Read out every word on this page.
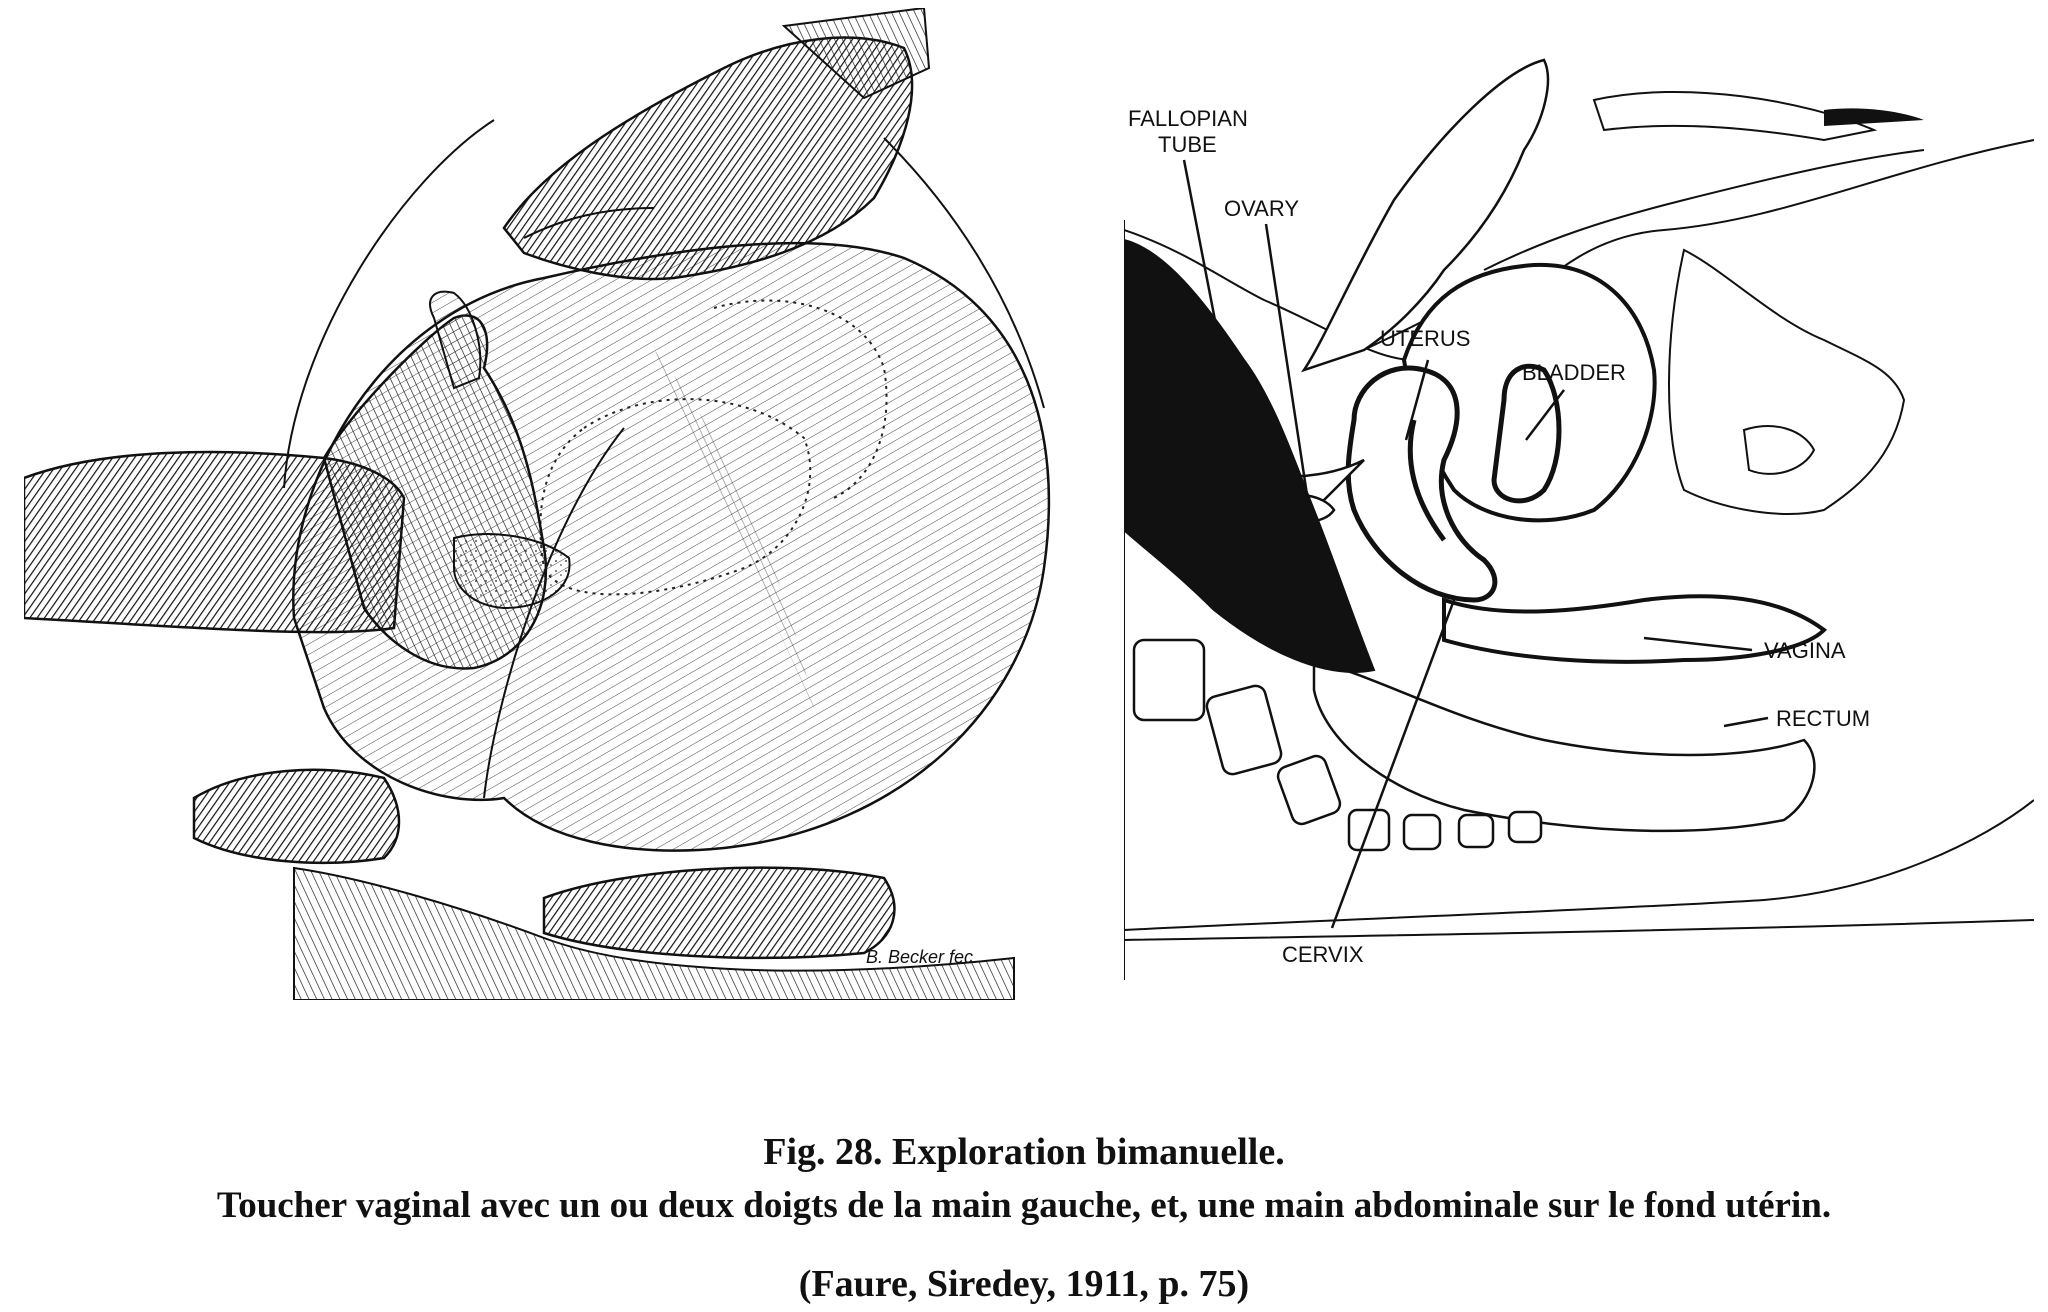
B. Becker fec.
FALLOPIAN
TUBE
OVARY
UTERUS
BLADDER
VAGINA
RECTUM
CERVIX
Fig. 28. Exploration bimanuelle.
Toucher vaginal avec un ou deux doigts de la main gauche, et, une main abdominale sur le fond utérin.
(Faure, Siredey, 1911, p. 75)
